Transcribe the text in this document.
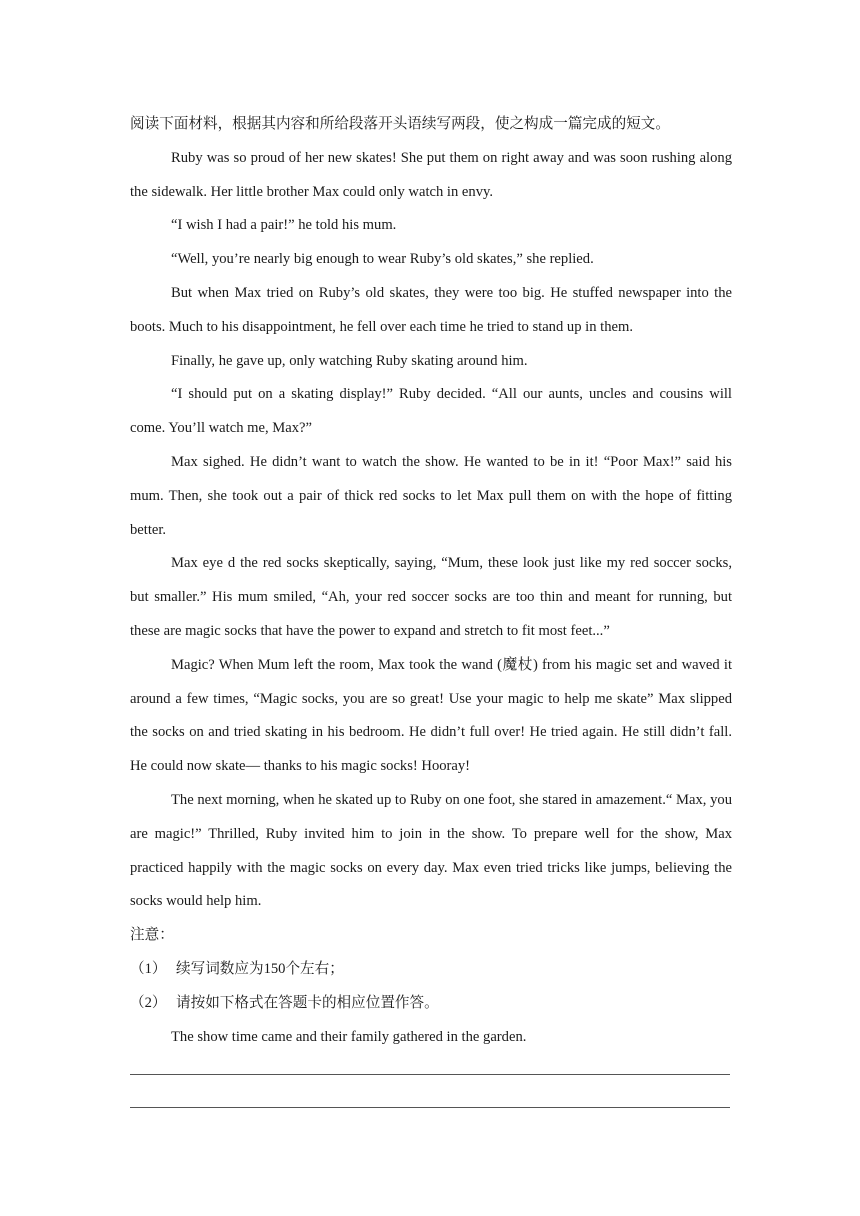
阅读下面材料，根据其内容和所给段落开头语续写两段，使之构成一篇完成的短文。

Ruby was so proud of her new skates! She put them on right away and was soon rushing along the sidewalk. Her little brother Max could only watch in envy.

“I wish I had a pair!” he told his mum.

“Well, you’re nearly big enough to wear Ruby’s old skates,” she replied.

But when Max tried on Ruby’s old skates, they were too big. He stuffed newspaper into the boots. Much to his disappointment, he fell over each time he tried to stand up in them.

Finally, he gave up, only watching Ruby skating around him.

“I should put on a skating display!” Ruby decided. “All our aunts, uncles and cousins will come. You’ll watch me, Max?”

Max sighed. He didn’t want to watch the show. He wanted to be in it! “Poor Max!” said his mum. Then, she took out a pair of thick red socks to let Max pull them on with the hope of fitting better.

Max eye d the red socks skeptically, saying, “Mum, these look just like my red soccer socks, but smaller.” His mum smiled, “Ah, your red soccer socks are too thin and meant for running, but these are magic socks that have the power to expand and stretch to fit most feet...”

Magic? When Mum left the room, Max took the wand (魔杖) from his magic set and waved it around a few times, “Magic socks, you are so great! Use your magic to help me skate” Max slipped the socks on and tried skating in his bedroom. He didn’t full over! He tried again. He still didn’t fall. He could now skate— thanks to his magic socks! Hooray!

The next morning, when he skated up to Ruby on one foot, she stared in amazement.“ Max, you are magic!” Thrilled, Ruby invited him to join in the show. To prepare well for the show, Max practiced happily with the magic socks on every day. Max even tried tricks like jumps, believing the socks would help him.

注意：

（1） 续写词数应为150个左右；
（2） 请按如下格式在答题卡的相应位置作答。

The show time came and their family gathered in the garden.
